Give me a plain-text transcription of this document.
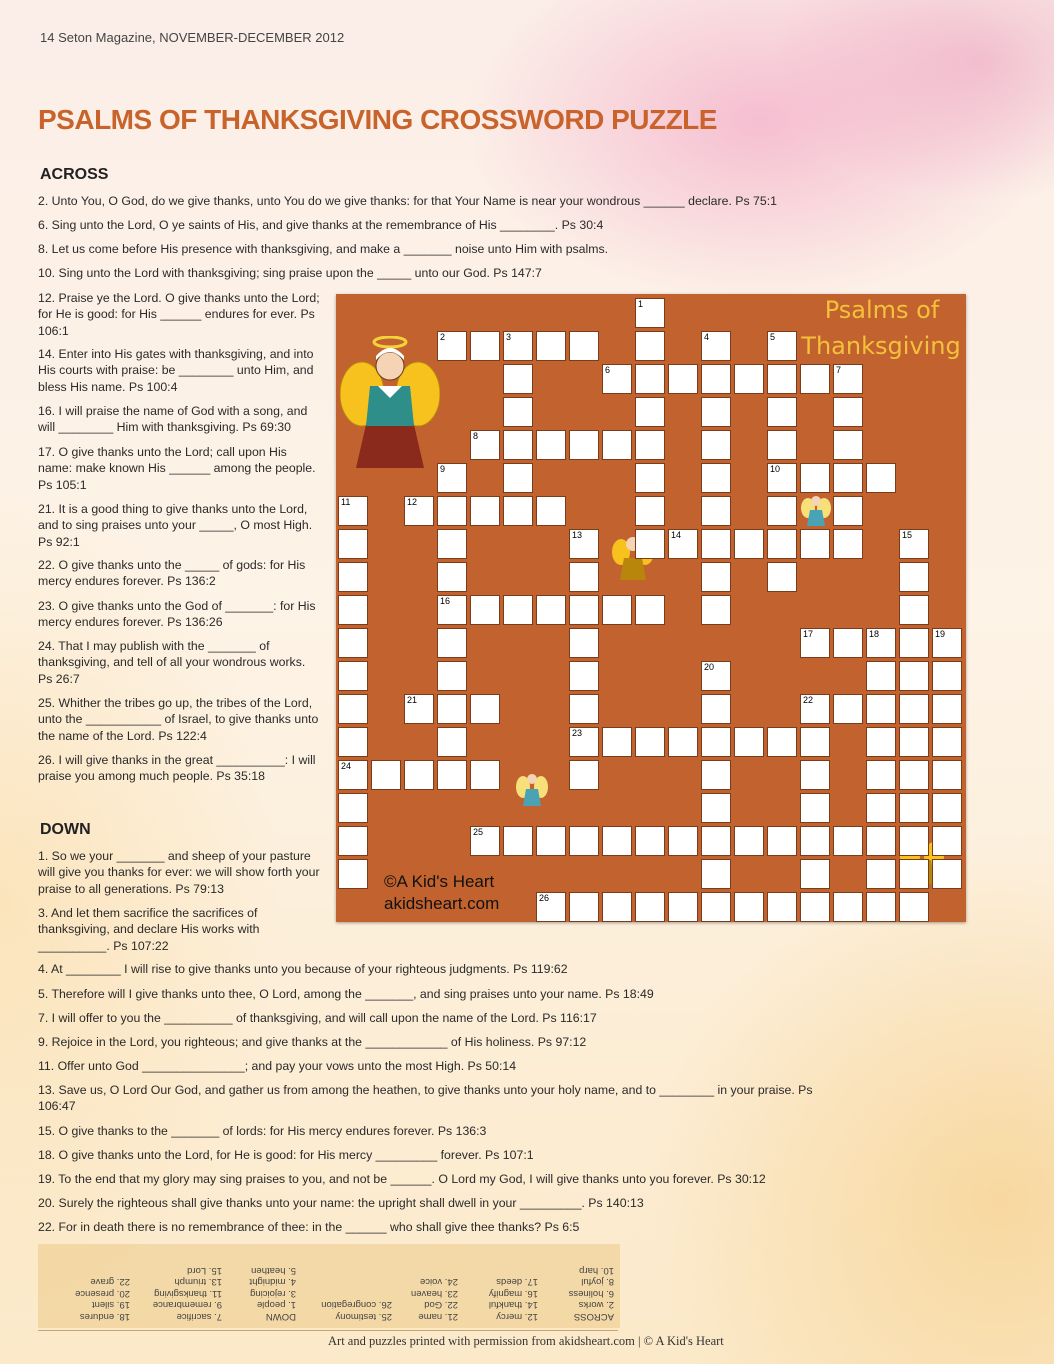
14 Seton Magazine, NOVEMBER-DECEMBER 2012
PSALMS OF THANKSGIVING CROSSWORD PUZZLE
ACROSS
2. Unto You, O God, do we give thanks, unto You do we give thanks: for that Your Name is near your wondrous ______ declare. Ps 75:1
6. Sing unto the Lord, O ye saints of His, and give thanks at the remembrance of His ________. Ps 30:4
8. Let us come before His presence with thanksgiving, and make a _______ noise unto Him with psalms.
10. Sing unto the Lord with thanksgiving; sing praise upon the _____ unto our God. Ps 147:7
12. Praise ye the Lord. O give thanks unto the Lord; for He is good: for His ______ endures for ever. Ps 106:1
14. Enter into His gates with thanksgiving, and into His courts with praise: be ________ unto Him, and bless His name. Ps 100:4
16. I will praise the name of God with a song, and will ________ Him with thanksgiving. Ps 69:30
17. O give thanks unto the Lord; call upon His name: make known His ______ among the people. Ps 105:1
21. It is a good thing to give thanks unto the Lord, and to sing praises unto your _____, O most High. Ps 92:1
22. O give thanks unto the _____ of gods: for His mercy endures forever. Ps 136:2
23. O give thanks unto the God of _______: for His mercy endures forever. Ps 136:26
24. That I may publish with the _______ of thanksgiving, and tell of all your wondrous works. Ps 26:7
25. Whither the tribes go up, the tribes of the Lord, unto the ___________ of Israel, to give thanks unto the name of the Lord. Ps 122:4
26. I will give thanks in the great __________: I will praise you among much people. Ps 35:18
DOWN
1. So we your _______ and sheep of your pasture will give you thanks for ever: we will show forth your praise to all generations. Ps 79:13
3. And let them sacrifice the sacrifices of thanksgiving, and declare His works with __________. Ps 107:22
4. At ________ I will rise to give thanks unto you because of your righteous judgments. Ps 119:62
5. Therefore will I give thanks unto thee, O Lord, among the _______, and sing praises unto your name. Ps 18:49
7. I will offer to you the __________ of thanksgiving, and will call upon the name of the Lord. Ps 116:17
9. Rejoice in the Lord, you righteous; and give thanks at the ____________ of His holiness. Ps 97:12
11. Offer unto God _______________; and pay your vows unto the most High. Ps 50:14
13. Save us, O Lord Our God, and gather us from among the heathen, to give thanks unto your holy name, and to ________ in your praise. Ps 106:47
15. O give thanks to the _______ of lords: for His mercy endures forever. Ps 136:3
18. O give thanks unto the Lord, for He is good: for His mercy _________ forever. Ps 107:1
19. To the end that my glory may sing praises to you, and not be ______. O Lord my God, I will give thanks unto you forever. Ps 30:12
20. Surely the righteous shall give thanks unto your name: the upright shall dwell in your _________. Ps 140:13
22. For in death there is no remembrance of thee: in the ______ who shall give thee thanks? Ps 6:5
Psalms of
Thanksgiving
2	3
6
8
10
12
14
16
17	18	19
21	22
23
24
25
26
1
4	5
7
9
11
13	15
20
©A Kid's Heart
akidsheart.com
ACROSS
2. works
6. holiness
8. joyful
10. harp
12. mercy
14. thankful
16. magnify
17. deeds
21. name
22. God
23. heaven
24. voice
25. testimony
26. congregation
DOWN
1. people
3. rejoicing
4. midnight
5. heathen
7. sacrifice
9. remembrance
11. thanksgiving
13. triumph
15. Lord
18. endures
19. silent
20. presence
22. grave
Art and puzzles printed with permission from akidsheart.com | © A Kid's Heart
